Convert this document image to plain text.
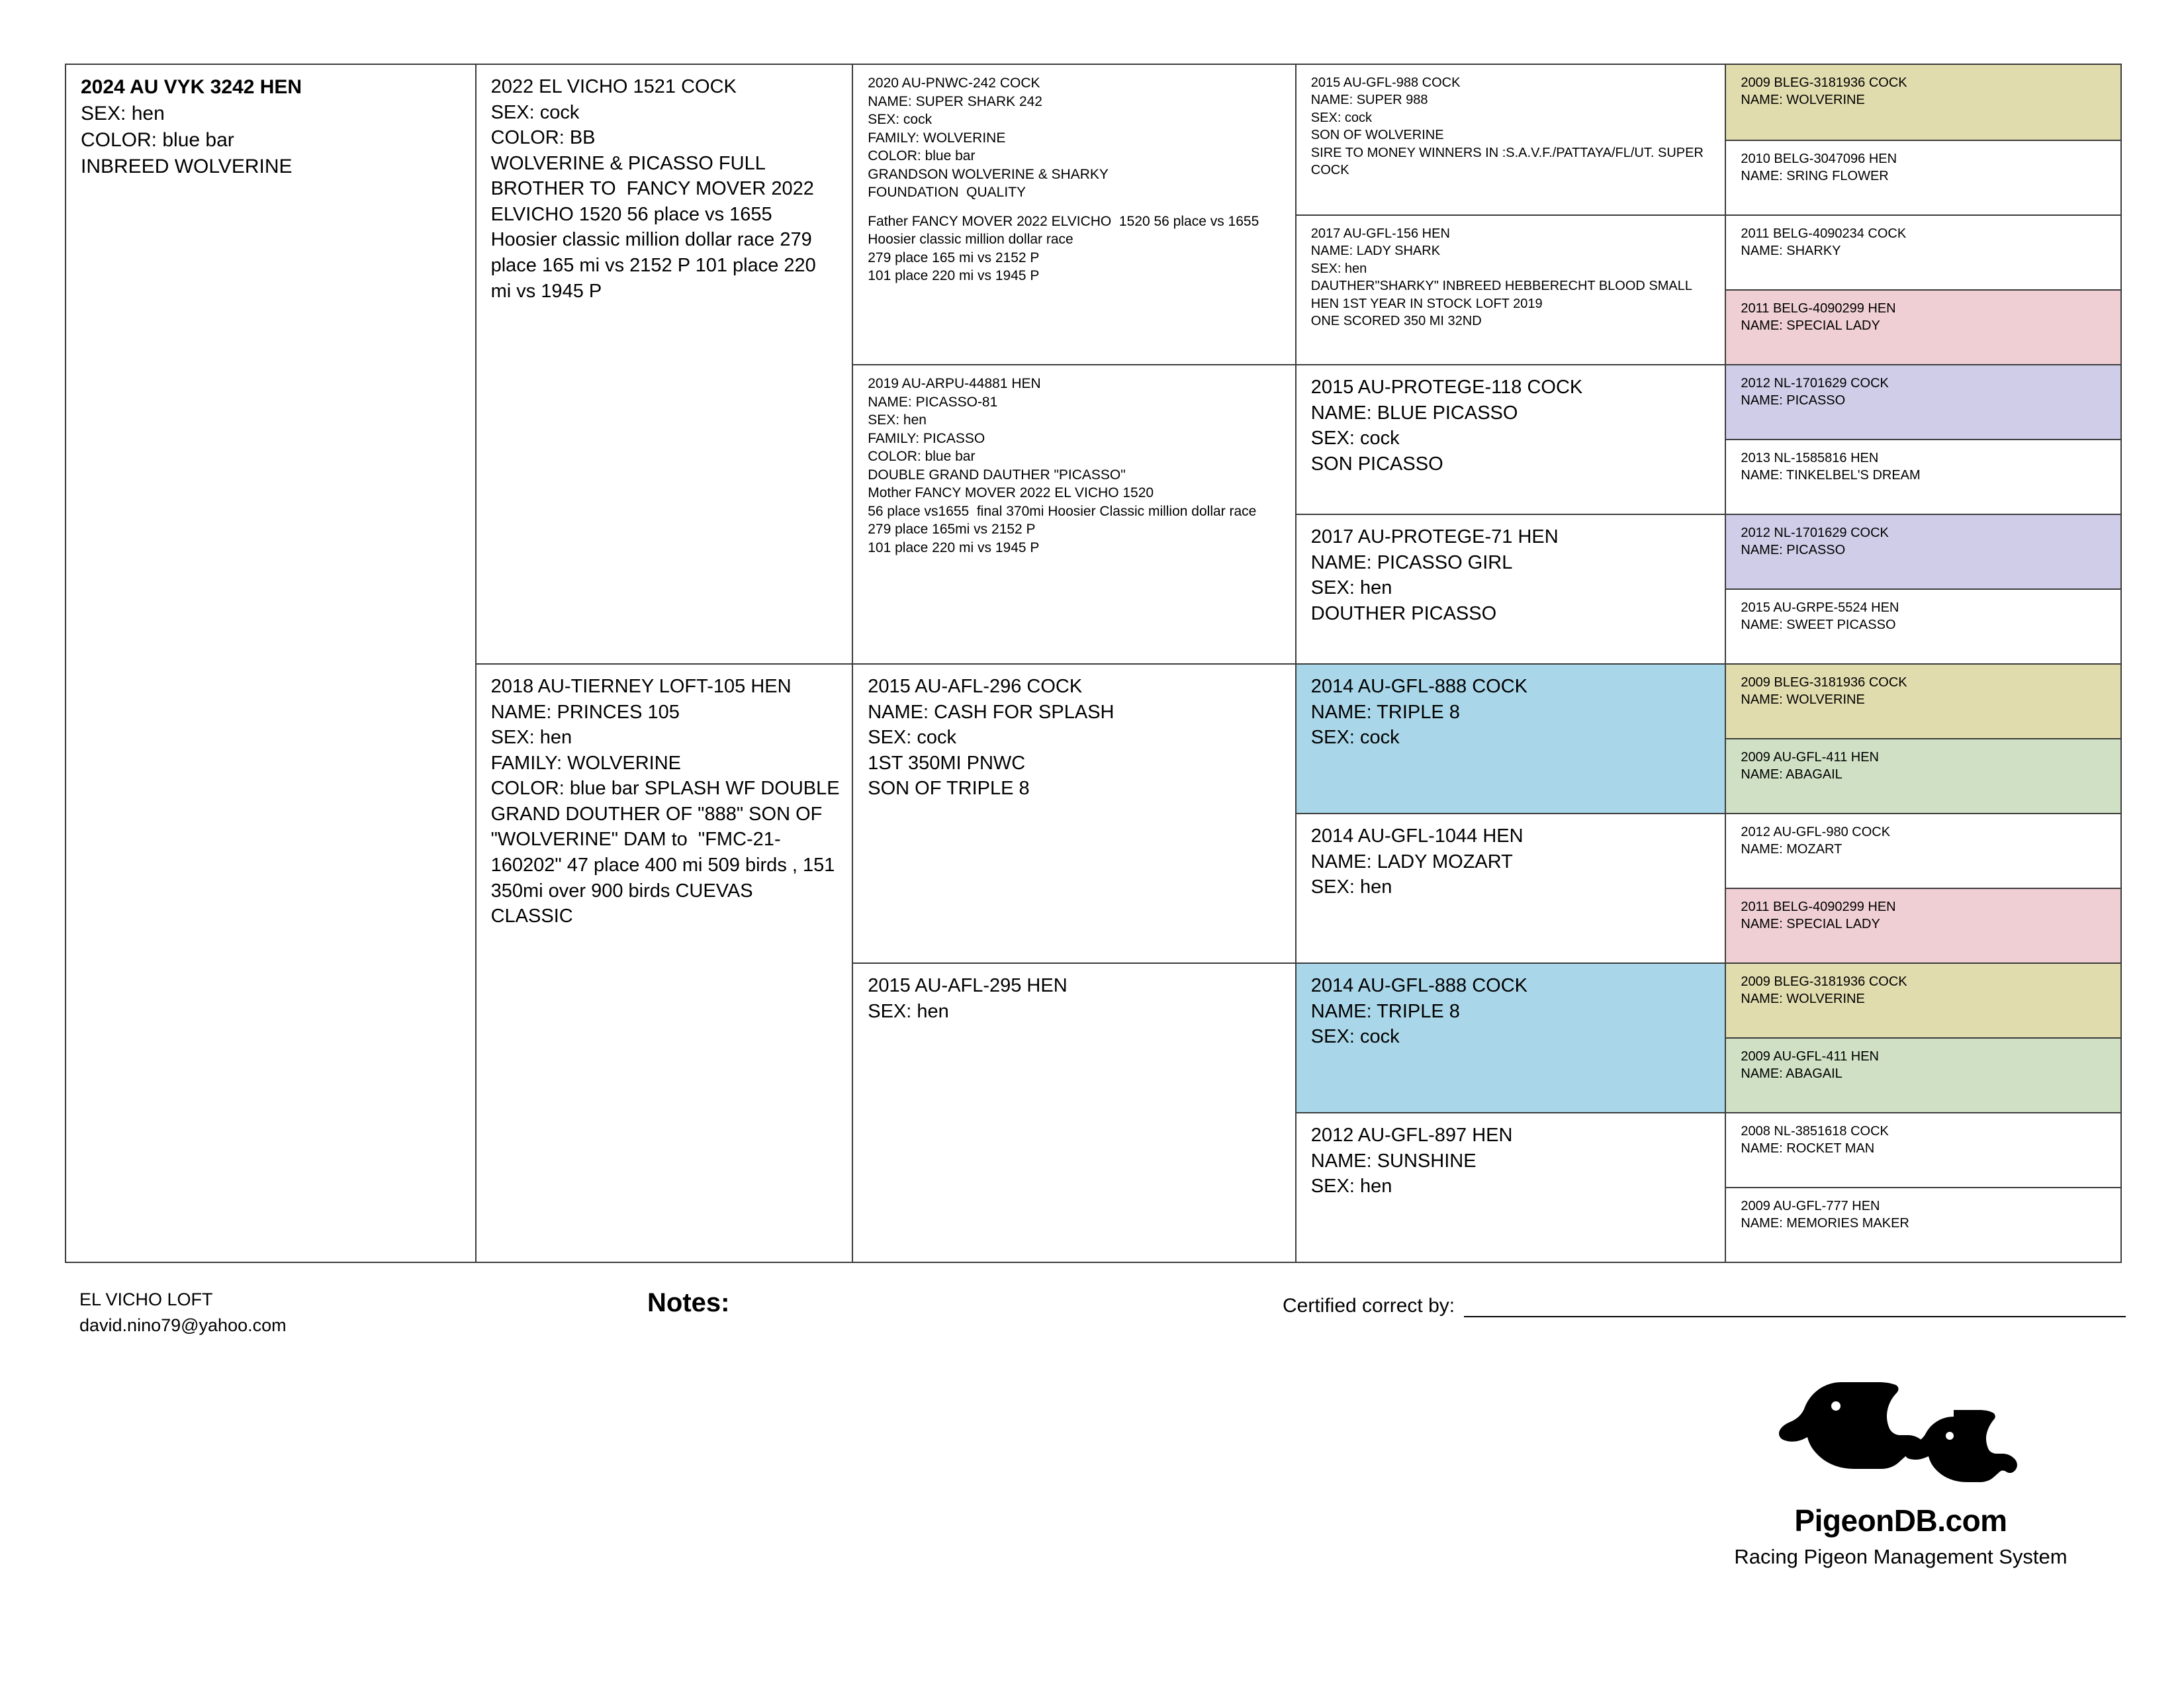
2024 AU VYK 3242 HEN
SEX: hen
COLOR: blue bar
INBREED WOLVERINE
2022 EL VICHO 1521 COCK
SEX: cock
COLOR: BB
WOLVERINE & PICASSO FULL BROTHER TO  FANCY MOVER 2022 ELVICHO 1520 56 place vs 1655 Hoosier classic million dollar race 279 place 165 mi vs 2152 P 101 place 220 mi vs 1945 P
2018 AU-TIERNEY LOFT-105 HEN
NAME: PRINCES 105
SEX: hen
FAMILY: WOLVERINE
COLOR: blue bar SPLASH WF DOUBLE GRAND DOUTHER OF "888" SON OF "WOLVERINE" DAM to  "FMC-21-160202" 47 place 400 mi 509 birds , 151 350mi over 900 birds CUEVAS CLASSIC
2020 AU-PNWC-242 COCK
NAME: SUPER SHARK 242
SEX: cock
FAMILY: WOLVERINE
COLOR: blue bar
GRANDSON WOLVERINE & SHARKY
FOUNDATION  QUALITY
Father FANCY MOVER 2022 ELVICHO  1520 56 place vs 1655 Hoosier classic million dollar race
279 place 165 mi vs 2152 P
101 place 220 mi vs 1945 P
2019 AU-ARPU-44881 HEN
NAME: PICASSO-81
SEX: hen
FAMILY: PICASSO
COLOR: blue bar
DOUBLE GRAND DAUTHER "PICASSO"
Mother FANCY MOVER 2022 EL VICHO 1520
56 place vs1655  final 370mi Hoosier Classic million dollar race
279 place 165mi vs 2152 P
101 place 220 mi vs 1945 P
2015 AU-AFL-296 COCK
NAME: CASH FOR SPLASH
SEX: cock
1ST 350MI PNWC
SON OF TRIPLE 8
2015 AU-AFL-295 HEN
SEX: hen
2015 AU-GFL-988 COCK
NAME: SUPER 988
SEX: cock
SON OF WOLVERINE
SIRE TO MONEY WINNERS IN :S.A.V.F./PATTAYA/FL/UT. SUPER COCK
2017 AU-GFL-156 HEN
NAME: LADY SHARK
SEX: hen
DAUTHER"SHARKY" INBREED HEBBERECHT BLOOD SMALL HEN 1ST YEAR IN STOCK LOFT 2019
ONE SCORED 350 MI 32ND
2015 AU-PROTEGE-118 COCK
NAME: BLUE PICASSO
SEX: cock
SON PICASSO
2017 AU-PROTEGE-71 HEN
NAME: PICASSO GIRL
SEX: hen
DOUTHER PICASSO
2014 AU-GFL-888 COCK
NAME: TRIPLE 8
SEX: cock
2014 AU-GFL-1044 HEN
NAME: LADY MOZART
SEX: hen
2014 AU-GFL-888 COCK
NAME: TRIPLE 8
SEX: cock
2012 AU-GFL-897 HEN
NAME: SUNSHINE
SEX: hen
2009 BLEG-3181936 COCK
NAME: WOLVERINE
2010 BELG-3047096 HEN
NAME: SRING FLOWER
2011 BELG-4090234 COCK
NAME: SHARKY
2011 BELG-4090299 HEN
NAME: SPECIAL LADY
2012 NL-1701629 COCK
NAME: PICASSO
2013 NL-1585816 HEN
NAME: TINKELBEL'S DREAM
2012 NL-1701629 COCK
NAME: PICASSO
2015 AU-GRPE-5524 HEN
NAME: SWEET PICASSO
2009 BLEG-3181936 COCK
NAME: WOLVERINE
2009 AU-GFL-411 HEN
NAME: ABAGAIL
2012 AU-GFL-980 COCK
NAME: MOZART
2011 BELG-4090299 HEN
NAME: SPECIAL LADY
2009 BLEG-3181936 COCK
NAME: WOLVERINE
2009 AU-GFL-411 HEN
NAME: ABAGAIL
2008 NL-3851618 COCK
NAME: ROCKET MAN
2009 AU-GFL-777 HEN
NAME: MEMORIES MAKER
EL VICHO LOFT
david.nino79@yahoo.com
Notes:	Certified correct by:
PigeonDB.com
Racing Pigeon Management System
